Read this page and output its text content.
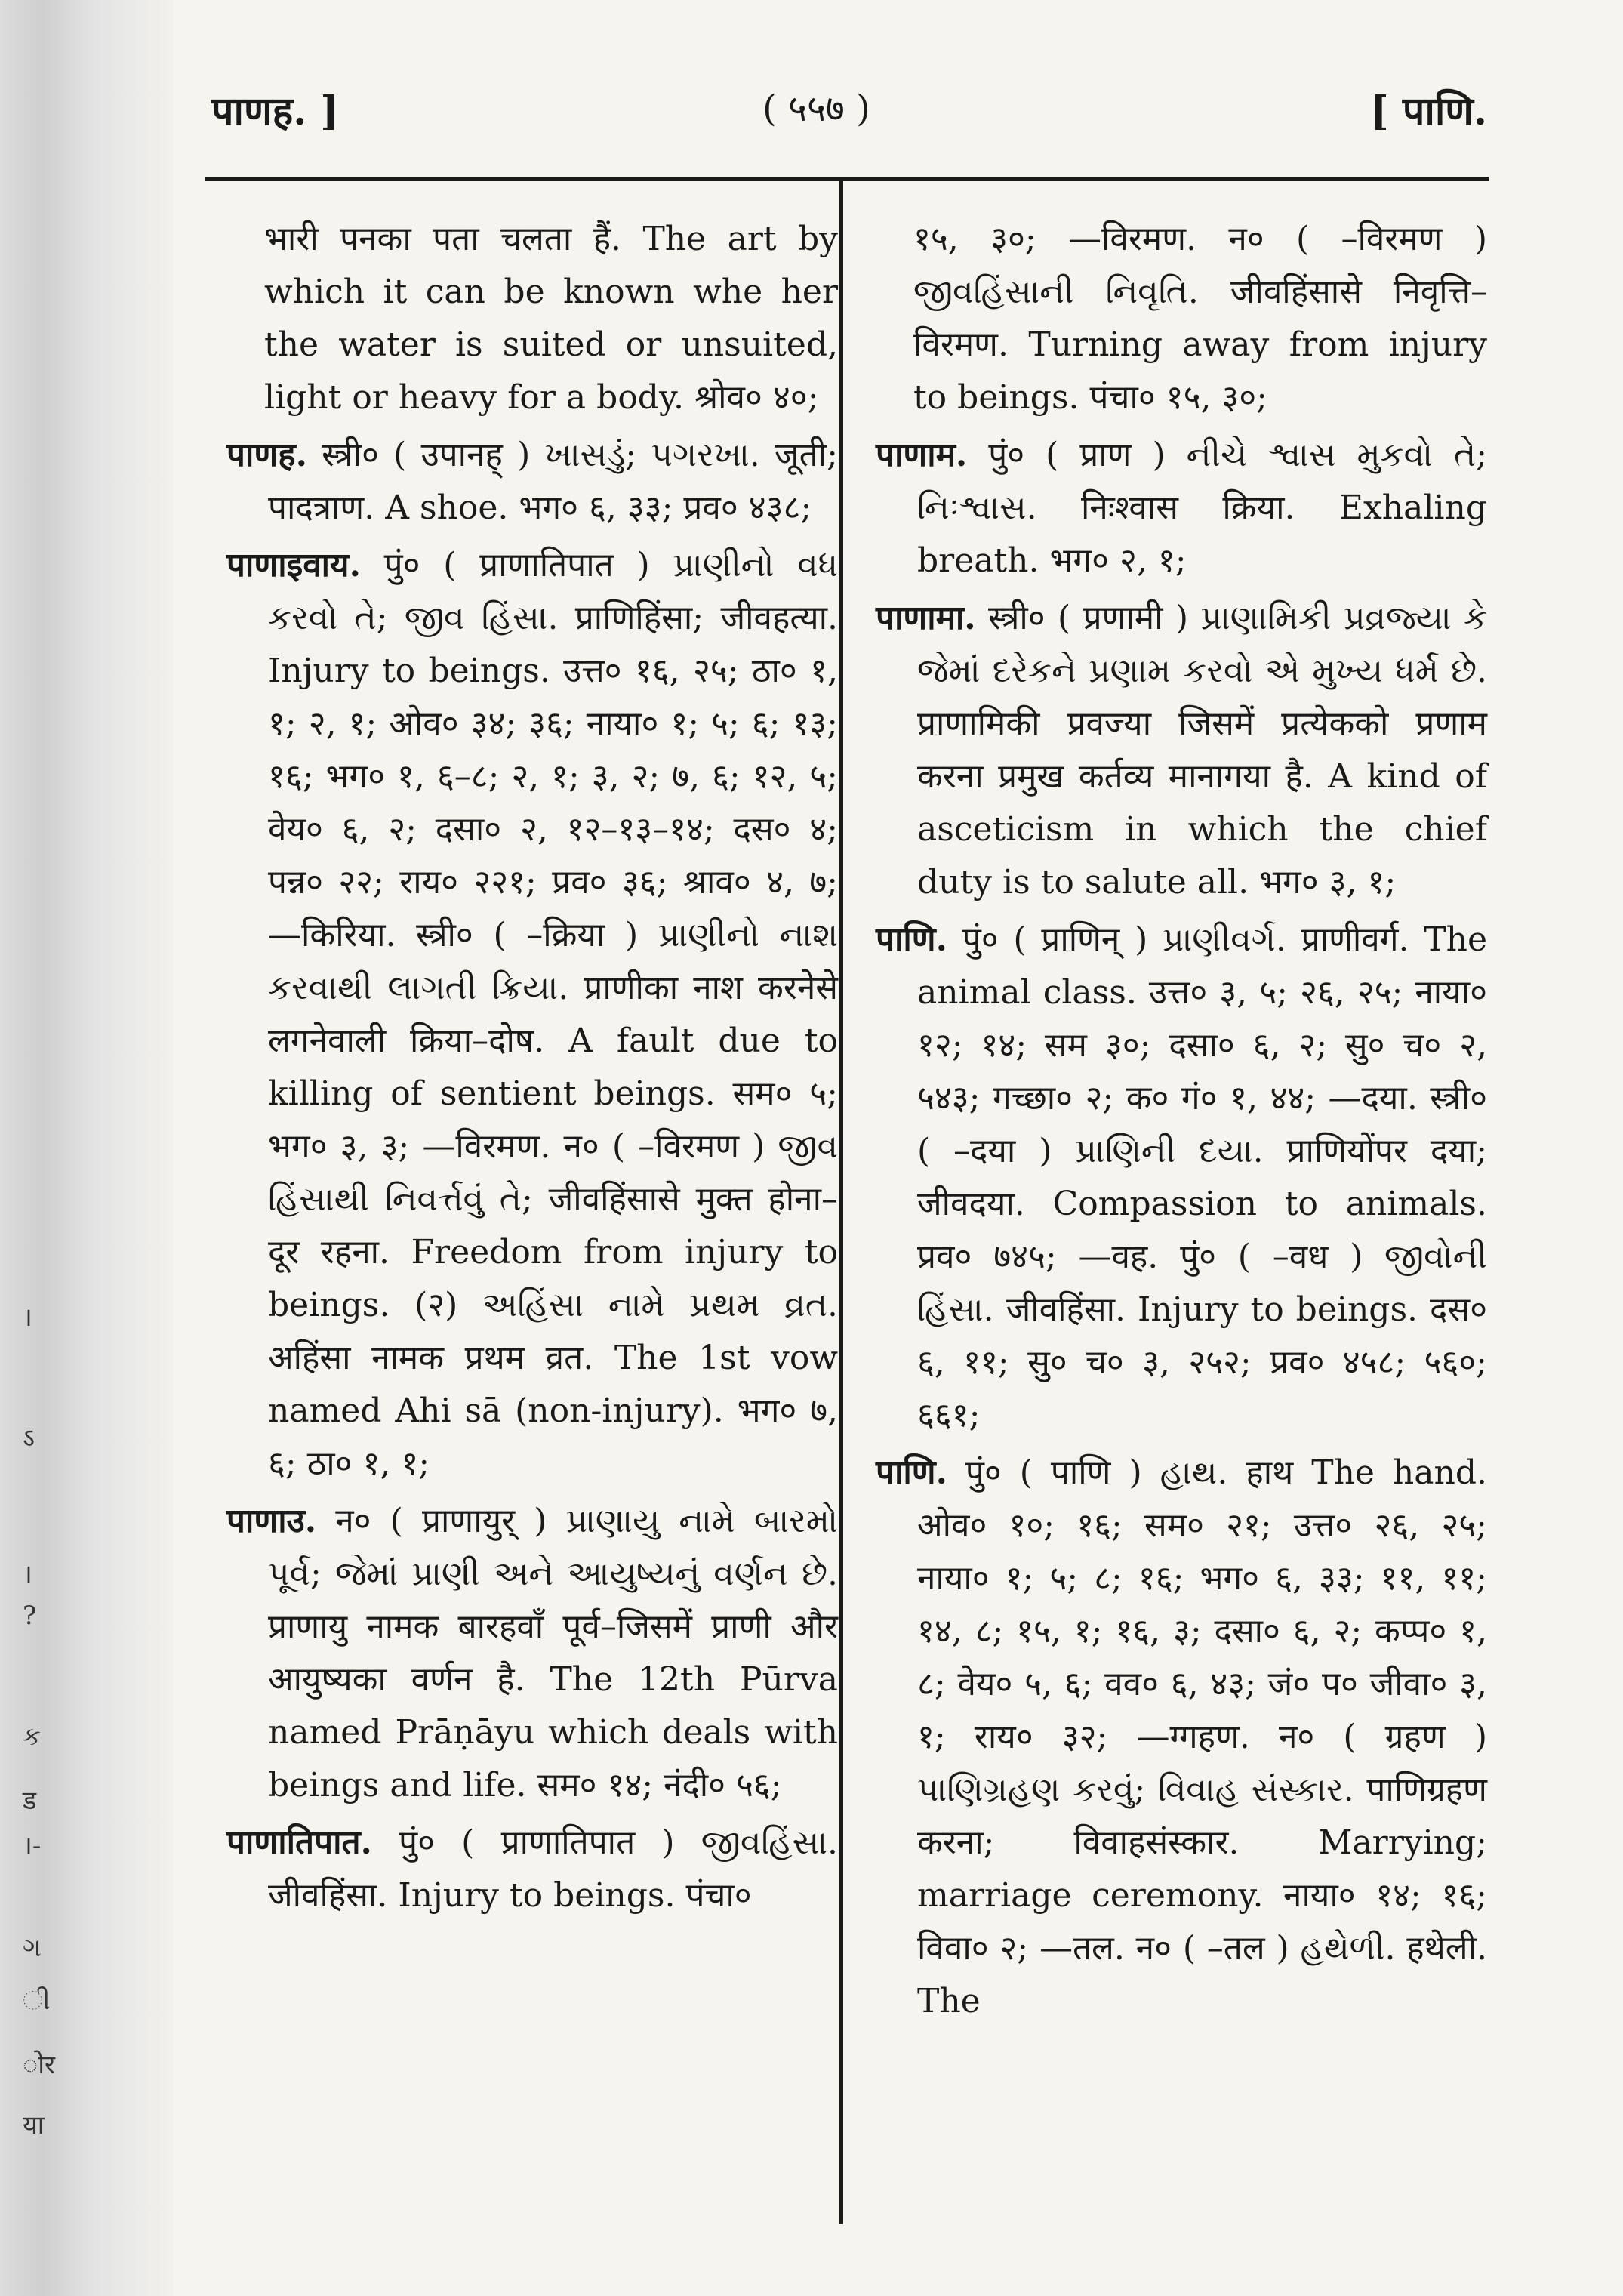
।
ऽ
।
?
ક
ड
।-
ગ
ી
ोर
या
पाणह. ]	( ५५७ )	[ पाणि.

भारी पनका पता चलता हैं. The art by which it can be known whe her the water is suited or unsuited, light or heavy for a body. श्रोव० ४०;

पाणह. स्त्री० ( उपानह् ) ખાસડું; પગરખા. जूती; पादत्राण. A shoe. भग० ६, ३३; प्रव० ४३८;

पाणाइवाय. पुं० ( प्राणातिपात ) પ્રાણીનો વધ કરવો તે; જીવ હિંસા. प्राणिहिंसा; जीवहत्या. Injury to beings. उत्त० १६, २५; ठा० १, १; २, १; ओव० ३४; ३६; नाया० १; ५; ६; १३; १६; भग० १, ६–८; २, १; ३, २; ७, ६; १२, ५; वेय० ६, २; दसा० २, १२–१३–१४; दस० ४; पन्न० २२; राय० २२१; प्रव० ३६; श्राव० ४, ७; —किरिया. स्त्री० ( –क्रिया ) પ્રાણીનો નાશ કરવાથી લાગતી ક્રિયા. प्राणीका नाश करनेसे लगनेवाली क्रिया–दोष. A fault due to killing of sentient beings. सम० ५; भग० ३, ३; —विरमण. न० ( –विरमण ) જીવ હિંસાથી નિવર્ત્તવું તે; जीवहिंसासे मुक्त होना–दूर रहना. Freedom from injury to beings. (२) અહિંસા નામે પ્રથમ વ્રત. अहिंसा नामक प्रथम व्रत. The 1st vow named Ahi sā (non-injury). भग० ७, ६; ठा० १, १;

पाणाउ. न० ( प्राणायुर् ) પ્રાણાયુ નામે બારમો પૂર્વ; જેમાં પ્રાણી અને આયુષ્યનું વર્ણન છે. प्राणायु नामक बारहवाँ पूर्व–जिसमें प्राणी और आयुष्यका वर्णन है. The 12th Pūrva named Prāṇāyu which deals with beings and life. सम० १४; नंदी० ५६;

पाणातिपात. पुं० ( प्राणातिपात ) જીવહિંસા. जीवहिंसा. Injury to beings. पंचा०

१५, ३०; —विरमण. न० ( –विरमण ) જીવહિંસાની નિવૃતિ. जीवहिंसासे निवृत्ति–विरमण. Turning away from injury to beings. पंचा० १५, ३०;

पाणाम. पुं० ( प्राण ) નીચે શ્વાસ મુકવો તે; નિઃશ્વાસ. निःश्वास क्रिया. Exhaling breath. भग० २, १;

पाणामा. स्त्री० ( प्रणामी ) પ્રાણામિકી પ્રવ્રજ્યા કે જેમાં દરેકને પ્રણામ કરવો એ મુખ્ય ધર્મ છે. प्राणामिकी प्रवज्या जिसमें प्रत्येकको प्रणाम करना प्रमुख कर्तव्य मानागया है. A kind of asceticism in which the chief duty is to salute all. भग० ३, १;

पाणि. पुं० ( प्राणिन् ) પ્રાણીવર્ગ. प्राणीवर्ग. The animal class. उत्त० ३, ५; २६, २५; नाया० १२; १४; सम ३०; दसा० ६, २; सु० च० २, ५४३; गच्छा० २; क० गं० १, ४४; —दया. स्त्री० ( –दया ) પ્રાણિની દયા. प्राणियोंपर दया; जीवदया. Compassion to animals. प्रव० ७४५; —वह. पुं० ( –वध ) જીવોની હિંસા. जीवहिंसा. Injury to beings. दस० ६, ११; सु० च० ३, २५२; प्रव० ४५८; ५६०; ६६१;

पाणि. पुं० ( पाणि ) હાથ. हाथ The hand. ओव० १०; १६; सम० २१; उत्त० २६, २५; नाया० १; ५; ८; १६; भग० ६, ३३; ११, ११; १४, ८; १५, १; १६, ३; दसा० ६, २; कप्प० १, ८; वेय० ५, ६; वव० ६, ४३; जं० प० जीवा० ३, १; राय० ३२; —ग्गहण. न० ( ग्रहण ) પાણિગ્રહણ કરવું; વિવાહ સંસ્કાર. पाणिग्रहण करना; विवाहसंस्कार. Marrying; marriage ceremony. नाया० १४; १६; विवा० २; —तल. न० ( –तल ) હથેળી. हथेली. The
